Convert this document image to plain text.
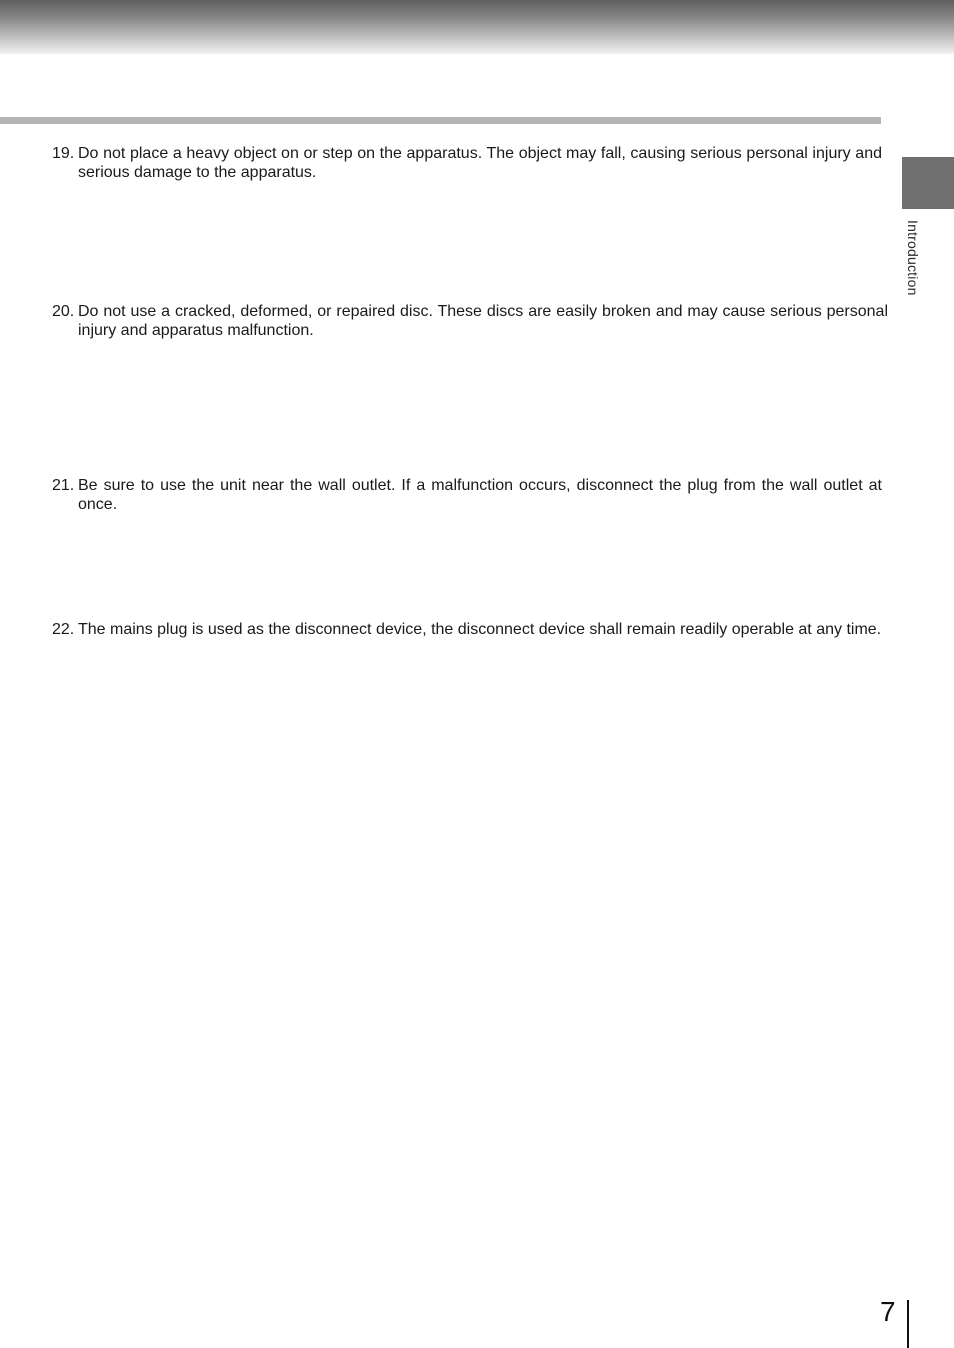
Introduction
19. Do not place a heavy object on or step on the apparatus. The object may fall, causing serious personal injury and serious damage to the apparatus.
20. Do not use a cracked, deformed, or repaired disc. These discs are easily broken and may cause serious personal injury and apparatus malfunction.
21. Be sure to use the unit near the wall outlet. If a malfunction occurs, disconnect the plug from the wall outlet at once.
22. The mains plug is used as the disconnect device, the disconnect device shall remain readily operable at any time.
7
